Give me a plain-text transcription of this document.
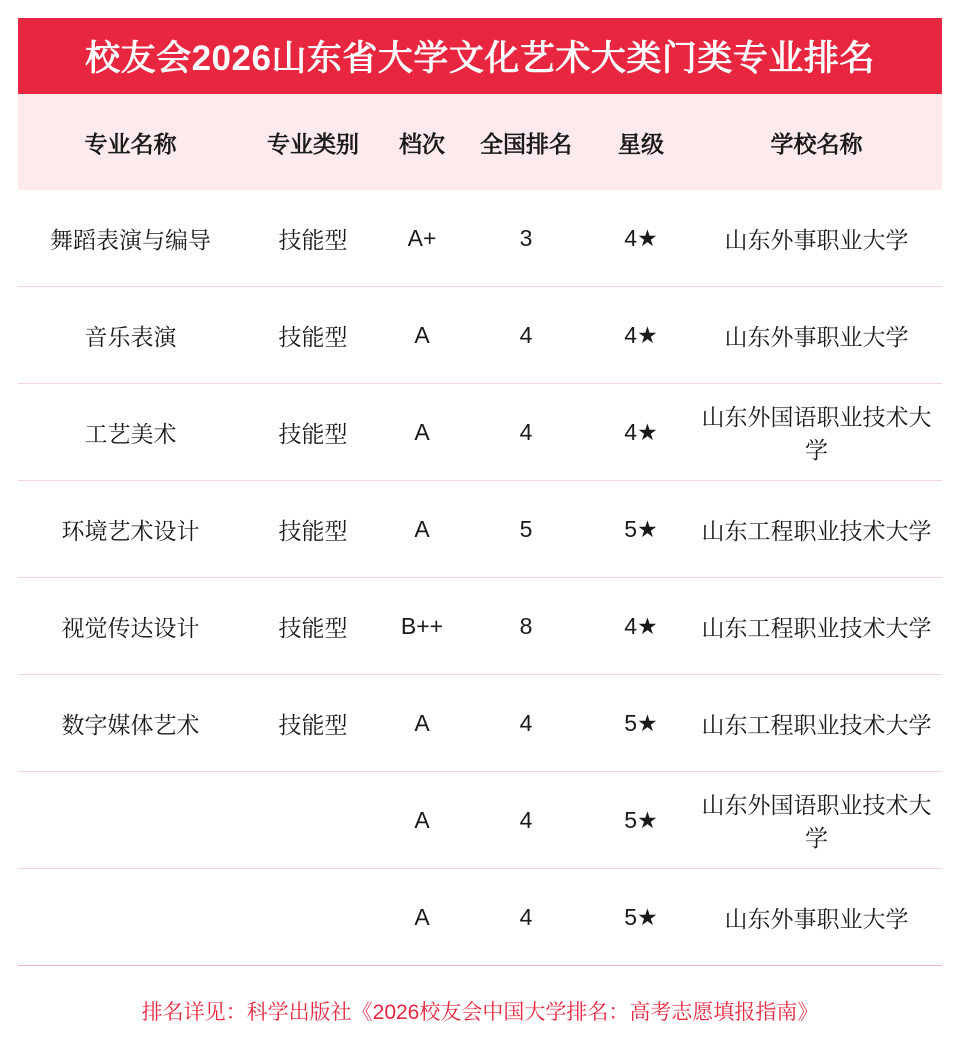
校友会2026山东省大学文化艺术大类门类专业排名
专业名称	专业类别	档次	全国排名	星级	学校名称
舞蹈表演与编导	技能型	A+	3	4★	山东外事职业大学
音乐表演	技能型	A	4	4★	山东外事职业大学
工艺美术	技能型	A	4	4★	山东外国语职业技术大学
环境艺术设计	技能型	A	5	5★	山东工程职业技术大学
视觉传达设计	技能型	B++	8	4★	山东工程职业技术大学
数字媒体艺术	技能型	A	4	5★	山东工程职业技术大学
		A	4	5★	山东外国语职业技术大学
		A	4	5★	山东外事职业大学
排名详见：科学出版社《2026校友会中国大学排名：高考志愿填报指南》
